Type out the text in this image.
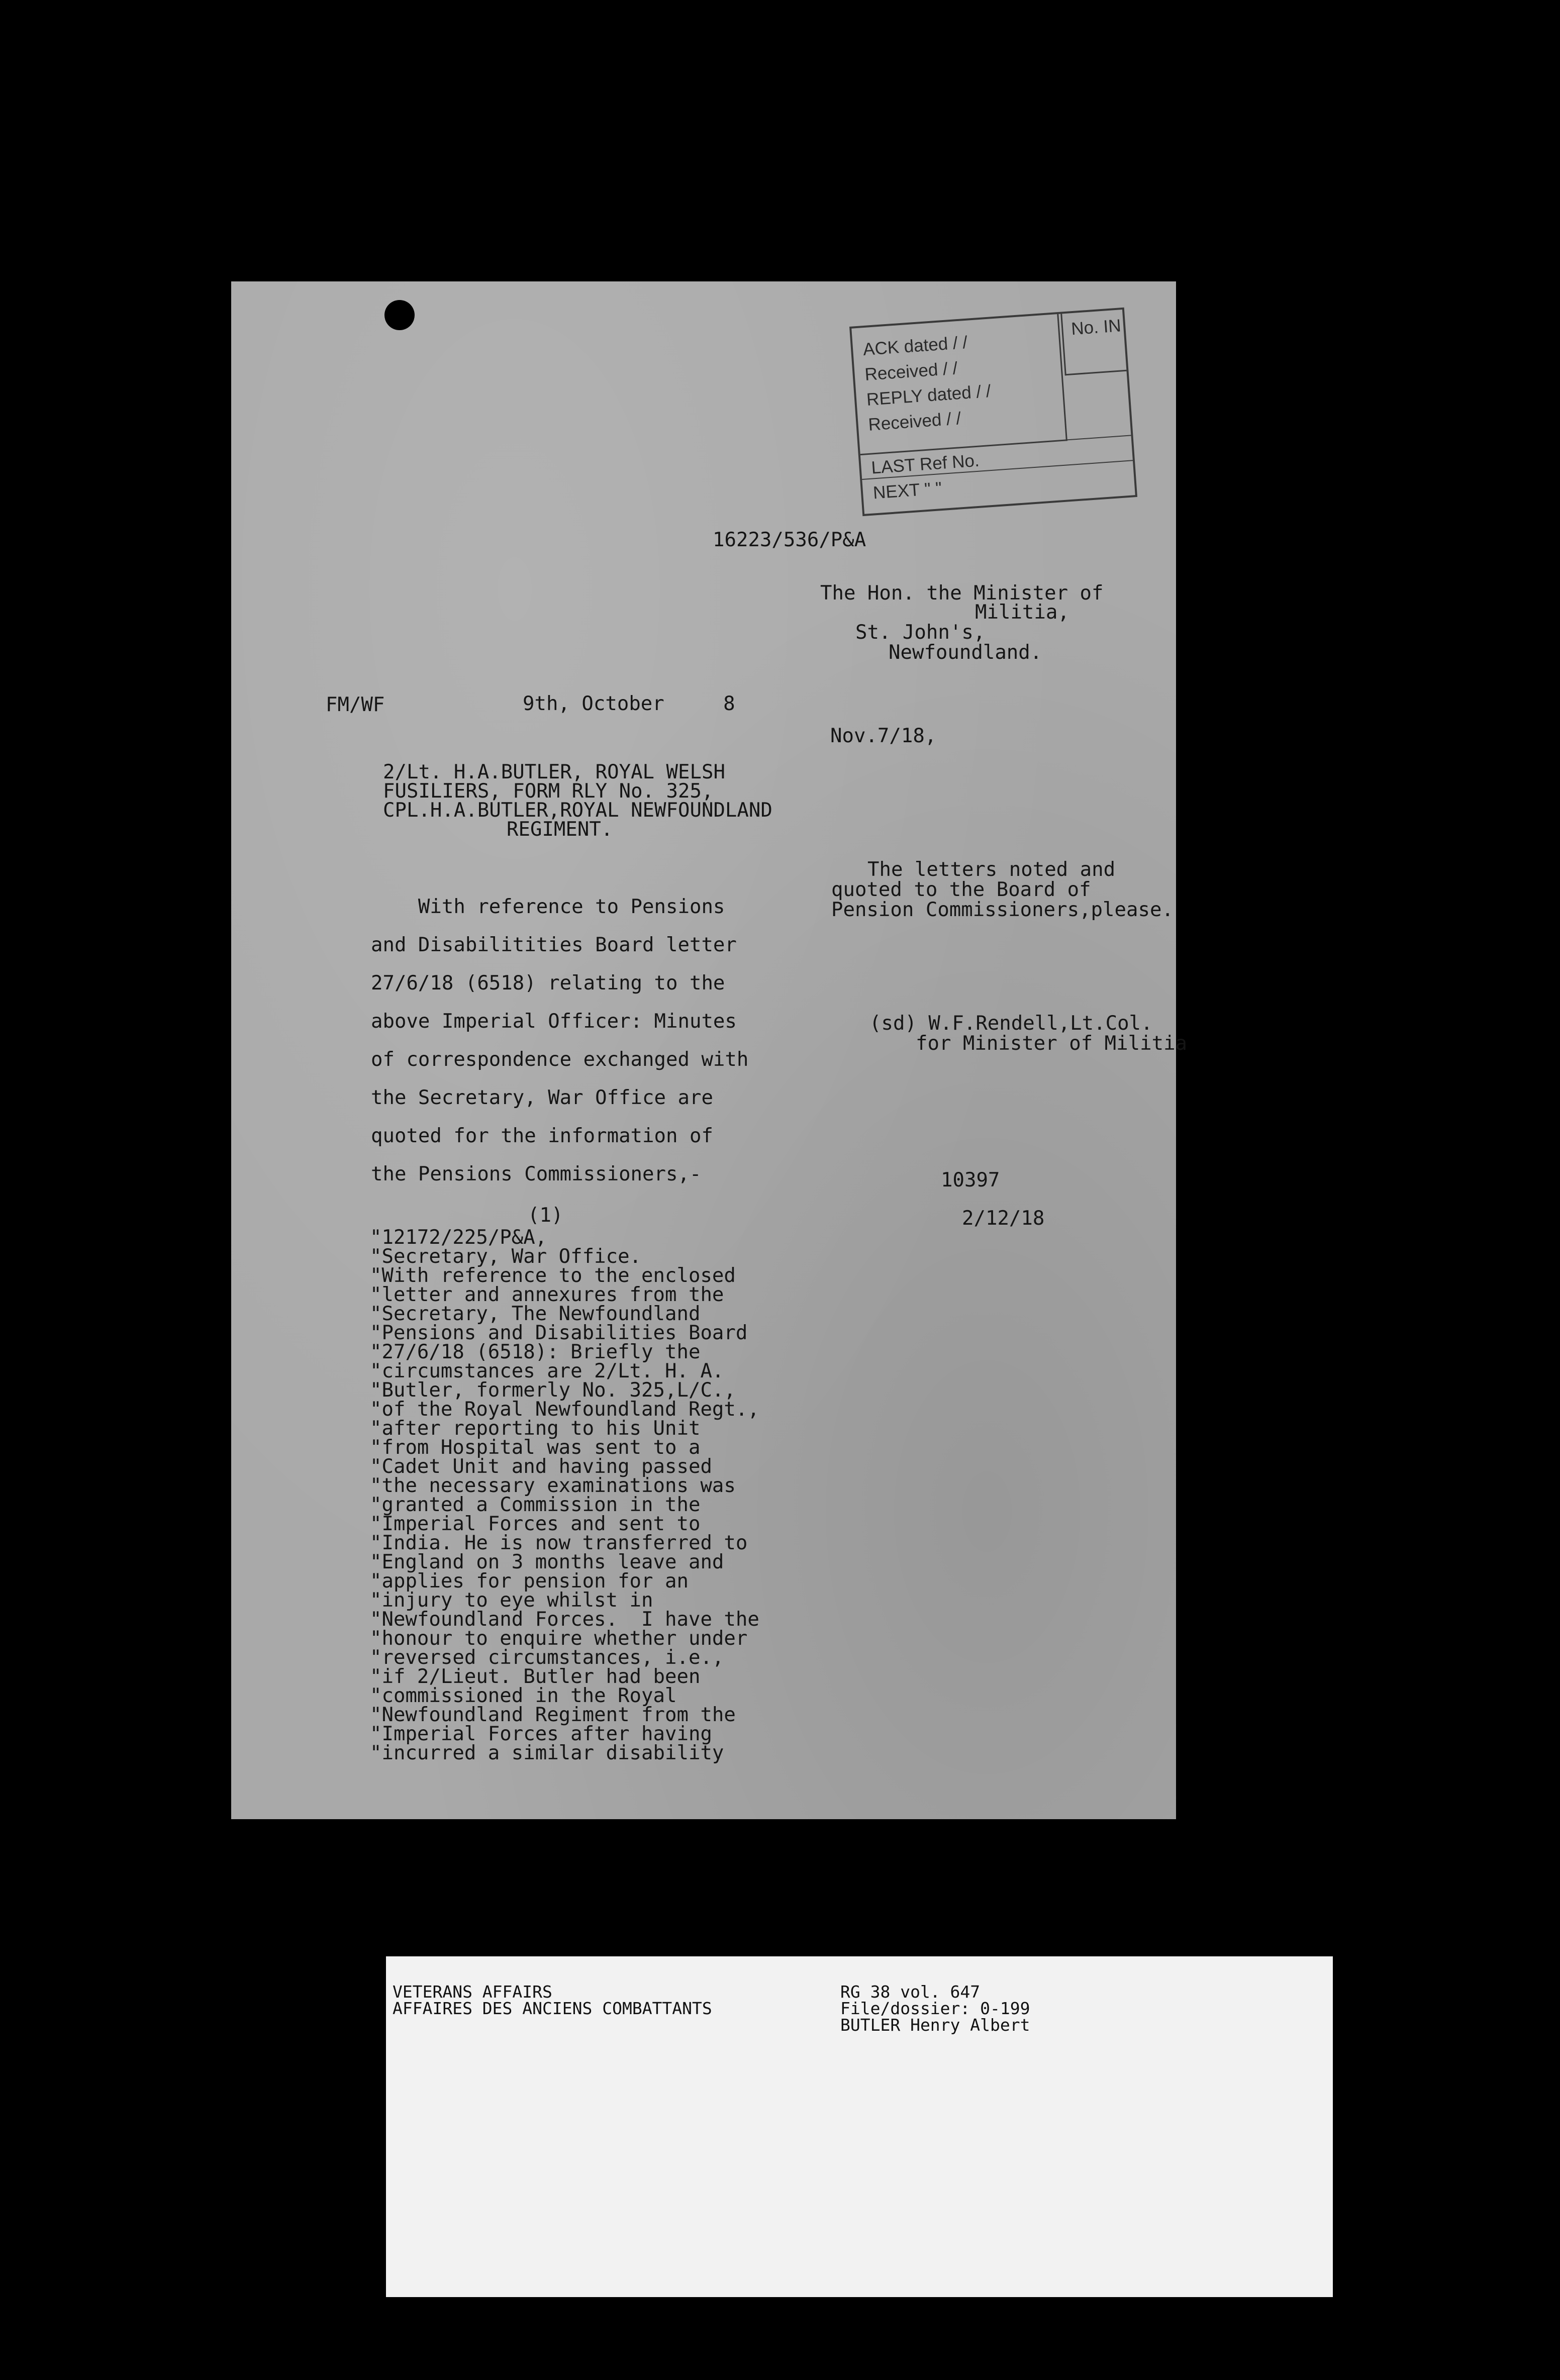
No. IN
ACK dated / /
Received / /
REPLY dated / /
Received / /
LAST Ref No.
NEXT " "
16223/536/P&A
The Hon. the Minister of
Militia,
St. John's,
Newfoundland.
FM/WF	9th, October     8
Nov.7/18,
2/Lt. H.A.BUTLER, ROYAL WELSH
FUSILIERS, FORM RLY No. 325,
CPL.H.A.BUTLER,ROYAL NEWFOUNDLAND
REGIMENT.
With reference to Pensions
and Disabilitities Board letter
27/6/18 (6518) relating to the
above Imperial Officer: Minutes
of correspondence exchanged with
the Secretary, War Office are
quoted for the information of
the Pensions Commissioners,-
(1)
"12172/225/P&A,
"Secretary, War Office.
"With reference to the enclosed
"letter and annexures from the
"Secretary, The Newfoundland
"Pensions and Disabilities Board
"27/6/18 (6518): Briefly the
"circumstances are 2/Lt. H. A.
"Butler, formerly No. 325,L/C.,
"of the Royal Newfoundland Regt.,
"after reporting to his Unit
"from Hospital was sent to a
"Cadet Unit and having passed
"the necessary examinations was
"granted a Commission in the
"Imperial Forces and sent to
"India. He is now transferred to
"England on 3 months leave and
"applies for pension for an
"injury to eye whilst in
"Newfoundland Forces.  I have the
"honour to enquire whether under
"reversed circumstances, i.e.,
"if 2/Lieut. Butler had been
"commissioned in the Royal
"Newfoundland Regiment from the
"Imperial Forces after having
"incurred a similar disability
The letters noted and
quoted to the Board of
Pension Commissioners,please.
(sd) W.F.Rendell,Lt.Col.
for Minister of Militia
10397
2/12/18
VETERANS AFFAIRS
AFFAIRES DES ANCIENS COMBATTANTS
RG 38 vol. 647
File/dossier: 0-199
BUTLER Henry Albert
